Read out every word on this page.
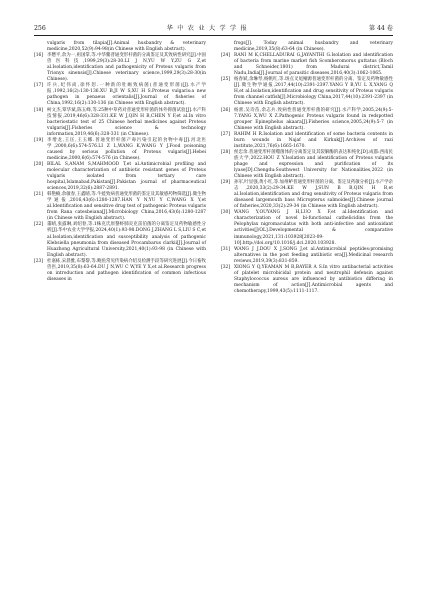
256	华 中 农 业 大 学 学 报	第 44 卷
vulgaris from tilapia[J].Animal husbandry & veterinary medicine,2020,52(9):94-98(in Chinese with English abstract).
[16] 李懋平,余为一,祖国掌,等.中华鳖普通变形杆菌的分离鉴定及其致病性研究[J].中国兽医科技,1999,29(3):28-30.LI J N,YU W Y,ZU G Z,et al.Isolation,identification and pathogenicity of Proteus vulgaris from Trionyx sinensis[J].Chinese veterinary science,1999,29(3):28-30(in Chinese).
[17] 许兵,纪伟尚,徐怀恕.一种新的牡蛎致病菌(普通变形菌)[J].水产学报,1992,16(2):130-136.XU B,JI W S,XU H S.Proteus vulgaris:a new pathogen in penaeus orientalis[J].Journal of fisheries of China,1992,16(2):130-136 (in Chinese with English abstract).
[18] 柯文杰,覃华斌,陈五峰,等.25种中草药对普通变形杆菌的体外抑菌试验[J].水产科技情报,2019,46(6):328-331.KE W J,QIN H B,CHEN Y F,et al.In vitro bacteriostatic test of 25 Chinese herbal medicines against Proteus vulgaris[J].Fisheries science & technology information,2019,46(6):328-331 (in Chinese).
[19] 李增龙,王匡,王玉娜.普通变形杆菌产毒污染引起的食物中毒[J].河北医学,2000,6(6):574-576.LI Z L,WANG K,WANG Y J.Food poisoning caused by serious pollution of Proteus vulgaris[J].Hebei medicine,2000,6(6):574-576 (in Chinese).
[20] BILAL S,ANAM S,MAHMOOD T,et al.Antimicrobial profiling and molecular characterization of antibiotic resistant genes of Proteus vulgaris isolated from tertiary care hospital,Islamabad,Pakistan[J].Pakistan journal of pharmaceutical sciences,2019,32(6):2887-2891.
[21] 韩艳楠,余敏春,王鑫晴,等.牛蛙致病普通变形菌的鉴定及其敏感药物筛选[J].微生物学通报,2016,43(6):1280-1287.HAN Y N,YU Y C,WANG X Y,et al.Identification and sensitive drug test of pathogenic Proteus vulgaris from Rana catesbeiana[J].Microbiology China,2016,43(6):1280-1287 (in Chinese with English abstract).
[22] 董晴,张露琳,刘绍春,等.1株克氏原螯虾肺炎克雷伯菌的分离鉴定及药物敏感性分析[J].华中农业大学学报,2024,40(1):93-98.DONG J,ZHANG L S,LIU S C,et al.Isolation,identification and susceptibility analysis of pathogenic Klebsiella pneumonia from diseased Procambarus clarkii[J].Journal of Huazhong Agricultural University,2021,40(1):93-98 (in Chinese with English abstract).
[23] 杜嘉栋,宋晨雅,布黎黎,等.鲍鱼常见传染病介绍及检测手段等研究进展[J].今日畜牧兽医,2019,35(8):63-64.DU J N,WU C W,YE Y X,et al.Research progress on introduction and pathogen identification of common infectious diseases in
frogs[J]. Today animal husbandry and veterinary medicine,2019,35(8):63-64 (in Chinese).
[24] RANI M K,CHELLADURAI G,JAYANTHI G.Isolation and identification of bacteria from marine market fish Scomberomorus guttatus (Bloch and Schneider,1801) from Madurai district,Tamil Nadu,India[J].Journal of parasitic diseases,2016,40(3):1062-1065.
[25] 杨春斌,余琳琴,杨帆红,等.斑点叉尾鲴源普通变形杆菌的分离、鉴定及药物敏感性[J].微生物学通报,2017,44(10):2391-2397.YANG Y B,YU L X,YANG Q H,et al.Isolation,identification and drug sensitivity of Proteus vulgaris from channel catfish[J].Microbiology China,2017,44(10):2391-2397 (in Chinese with English abstract).
[26] 杨蕾,吴诗苗,余志兵.致病性普通变形杆菌的研究[J].水产科学,2005,24(9):5-7.YANG X,WU X Z.Pathogenic Proteus vulgaris found in redspotted grouper Epinephelus akaara[J].Fisheries science,2005,24(9):5-7 (in Chinese with English abstract).
[27] RAHIM H R.Isolation and identification of some bacteria contents in burn wounds in Najaf and Kirkuk[J].Archives of razi institute,2021,76(6):1665-1670.
[28] 侯忠余.普通变形杆菌噬菌体的分离鉴定及其裂解酶的表达和纯化[D].成都:西南民族大学,2022.HOU Z Y.Isolation and identification of Proteus vulgaris phage and expression and purification of its lyase[D].Chengdu:Southwest University for Nationalities,2022 (in Chinese with English abstract).
[29] 孙军,叶显强,黄小红,等.加州鲈普通变形杆菌的分离、鉴定及药敏分析[J].水产学杂志,2020,33(2):29-34.KE W J,SUN B B,QIN H B,et al.Isolation,identification and drug sensitivity of Proteus vulgaris from diseased largemouth bass Micropterus salmoides[J].Chinese journal of fisheries,2020,33(2):29-34 (in Chinese with English abstract).
[30] WANG Y,OUYANG J H,LUO X F,et al.Identification and characterization of novel bi-functional cathelicidins from the Pelophylax nigromaculatus with both anti-infective and antioxidant activities[J/OL].Developmental & comparative immunology,2021,131:103928[2023-09-10].http://doi.org/10.1016/j.dci.2020.103928.
[31] WANG J J,DOU X J,SONG J,et al.Antimicrobial peptides:promising alternatives in the post feeding antibiotic era[J].Medicinal research reviews,2019,39(3):831-859.
[32] XIONG Y Q,YEAMAN M R,BAYER A S.In vitro antibacterial activities of platelet microbicidal protein and neutrophil defensin against Staphylococcus aureus are influenced by antibiotics differing in mechanism of action[J].Antimicrobial agents and chemotherapy,1999,43(5):1111-1117.
